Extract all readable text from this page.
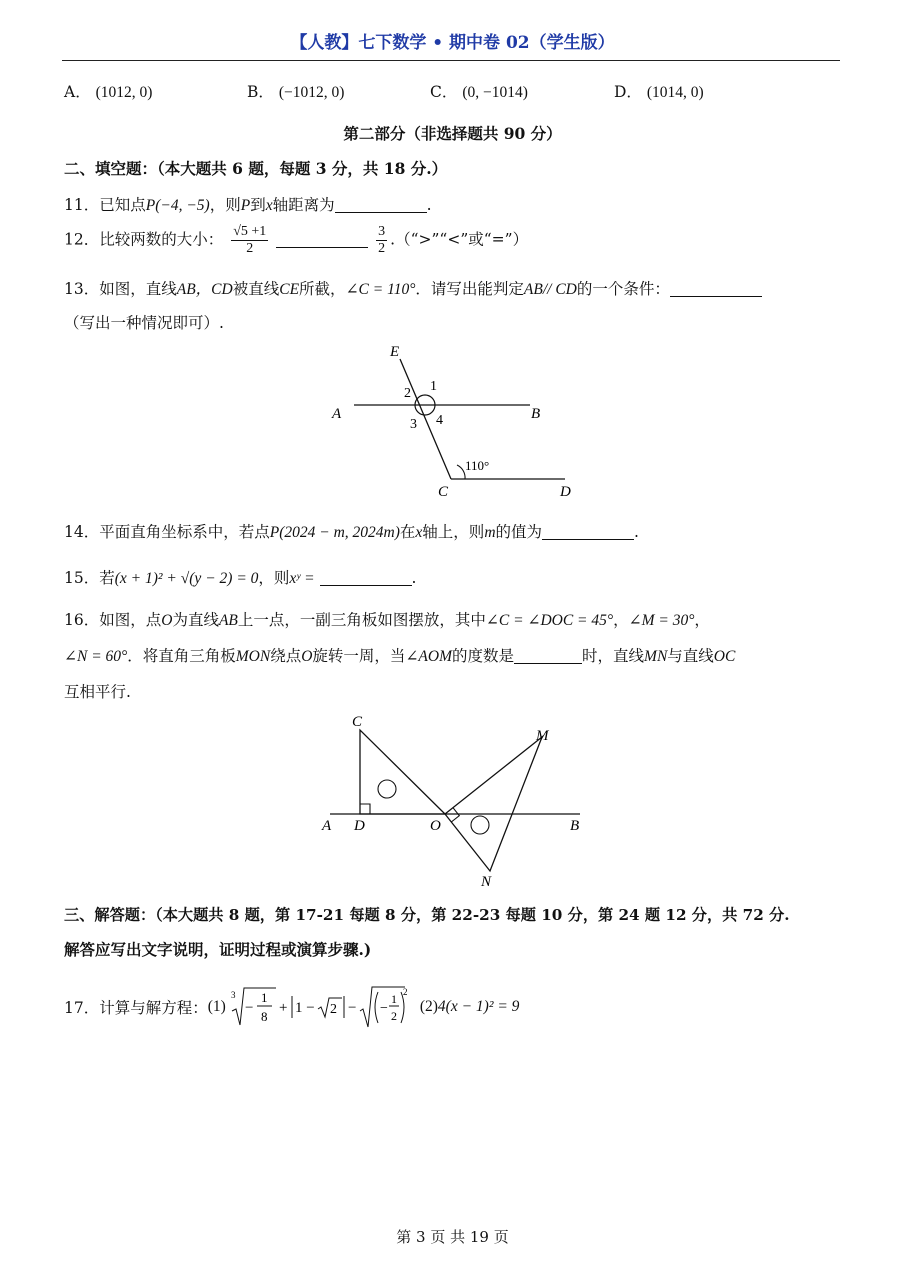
【人教】七下数学 • 期中卷 02（学生版）
A． (1012, 0)	B． (−1012, 0)	C． (0, −1014)	D． (1014, 0)
第二部分（非选择题共 90 分）
二、填空题：（本大题共 6 题，每题 3 分，共 18 分.）
11．已知点P(−4, −5)，则P到x轴距离为	.
12．比较两数的大小： $\frac{√5 +1}{2}$
	$\frac{3}{2}$ .（“>”“<”或“=”）
13．如图，直线AB，CD被直线CE所截，∠C = 110°．请写出能判定AB// CD的一个条件：
（写出一种情况即可）.
E
A	B
C	D
1
2
3 4
110°
14．平面直角坐标系中，若点P(2024 − m, 2024m)在x轴上，则m的值为	.
15．若(x + 1)² + √(y − 2) = 0，则xʸ =	.
16．如图，点O为直线AB上一点，一副三角板如图摆放，其中∠C = ∠DOC = 45°，∠M = 30°，
∠N = 60°．将直角三角板MON绕点O旋转一周，当∠AOM的度数是	时，直线MN与直线OC
互相平行.
C
M
A D	O	B
N
三、解答题：（本大题共 8 题，第 17-21 每题 8 分，第 22-23 每题 10 分，第 24 题 12 分，共 72 分.
解答应写出文字说明，证明过程或演算步骤.)
17． 计算与解方程： (1)
3
−
1
8
+ 1 − 2 − −
1
2
2
(2) 4(x − 1)² = 9
第 3 页 共 19 页
